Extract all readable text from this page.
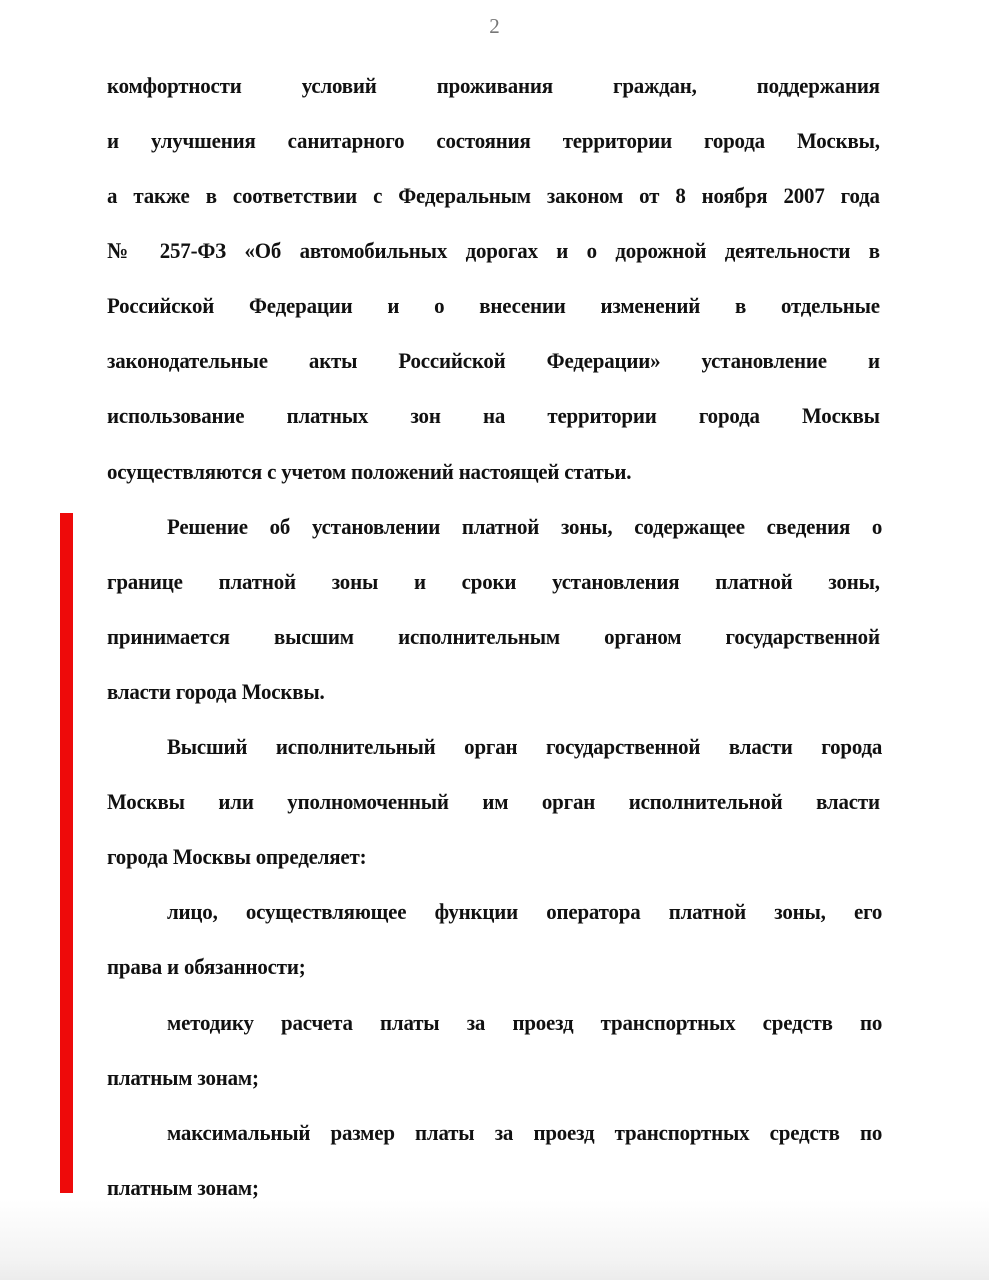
2
комфортности условий проживания граждан, поддержания
и улучшения санитарного состояния территории города Москвы,
а также в соответствии с Федеральным законом от 8 ноября 2007 года
№ 257-ФЗ «Об автомобильных дорогах и о дорожной деятельности в
Российской Федерации и о внесении изменений в отдельные
законодательные акты Российской Федерации» установление и
использование платных зон на территории города Москвы
осуществляются с учетом положений настоящей статьи.
Решение об установлении платной зоны, содержащее сведения о
границе платной зоны и сроки установления платной зоны,
принимается высшим исполнительным органом государственной
власти города Москвы.
Высший исполнительный орган государственной власти города
Москвы или уполномоченный им орган исполнительной власти
города Москвы определяет:
лицо, осуществляющее функции оператора платной зоны, его
права и обязанности;
методику расчета платы за проезд транспортных средств по
платным зонам;
максимальный размер платы за проезд транспортных средств по
платным зонам;
